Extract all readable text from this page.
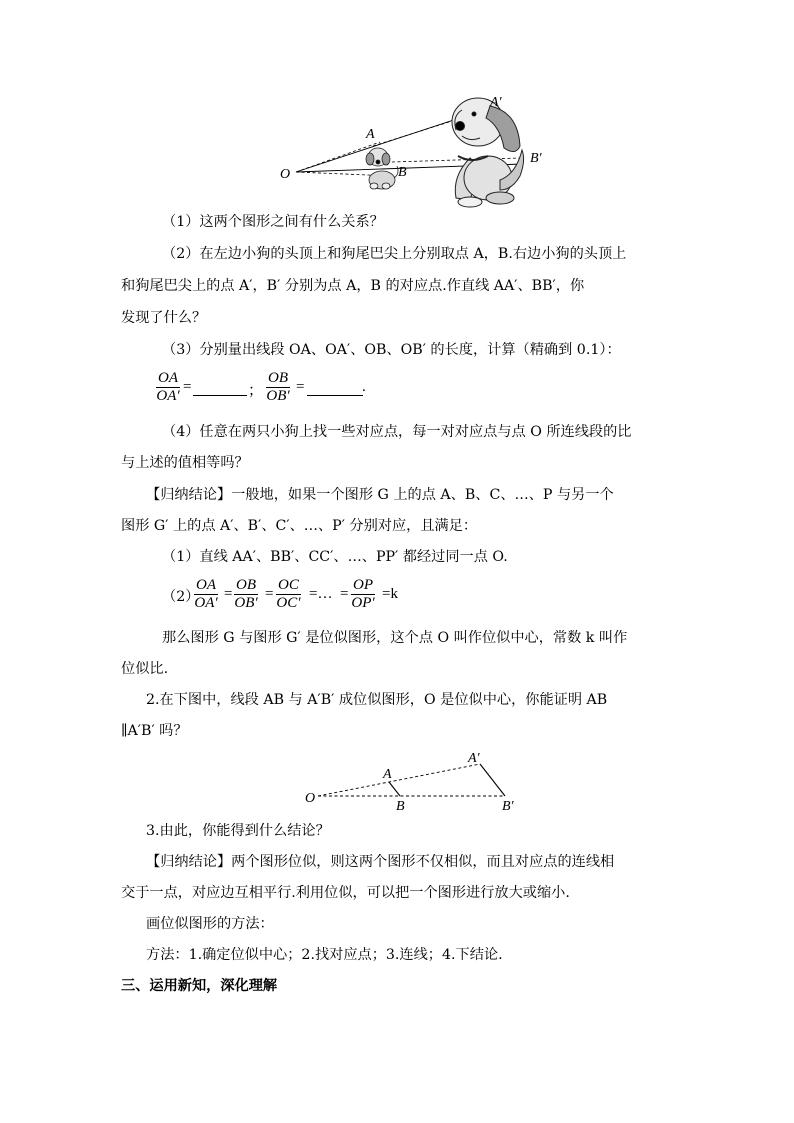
O
A
B
A′
B′
（1）这两个图形之间有什么关系？
（2）在左边小狗的头顶上和狗尾巴尖上分别取点 A，B.右边小狗的头顶上
和狗尾巴尖上的点 A′，B′ 分别为点 A，B 的对应点.作直线 AA′、BB′，你
发现了什么？
（3）分别量出线段 OA、OA′、OB、OB′ 的长度，计算（精确到 0.1）：
$\frac{OA}{OA'}$ =	； $\frac{OB}{OB'}$ =	.
（4）任意在两只小狗上找一些对应点，每一对对应点与点 O 所连线段的比
与上述的值相等吗？
【归纳结论】一般地，如果一个图形 G 上的点 A、B、C、…、P 与另一个
图形 G′ 上的点 A′、B′、C′、…、P′ 分别对应，且满足：
（1）直线 AA′、BB′、CC′、…、PP′ 都经过同一点 O.
（2）
$\frac{OA}{OA'} = \frac{OB}{OB'} = \frac{OC}{OC'}$ =… = $\frac{OP}{OP'} =k$
那么图形 G 与图形 G′ 是位似图形，这个点 O 叫作位似中心，常数 k 叫作
位似比.
2.在下图中，线段 AB 与 A′B′ 成位似图形，O 是位似中心，你能证明 AB
∥A′B′ 吗？
O
A
B
A′
B′
3.由此，你能得到什么结论？
【归纳结论】两个图形位似，则这两个图形不仅相似，而且对应点的连线相
交于一点，对应边互相平行.利用位似，可以把一个图形进行放大或缩小.
画位似图形的方法：
方法：1.确定位似中心；2.找对应点；3.连线；4.下结论.
三、运用新知，深化理解
